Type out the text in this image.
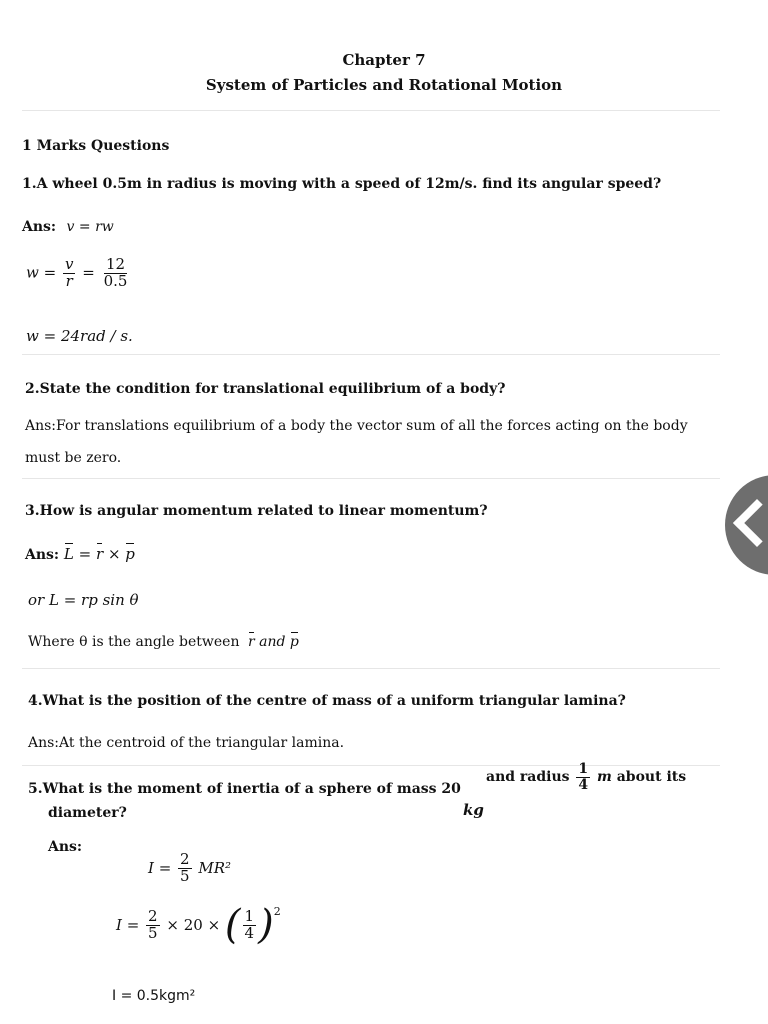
Chapter 7
System of Particles and Rotational Motion
1 Marks Questions
1.A wheel 0.5m in radius is moving with a speed of 12m/s. find its angular speed?
Ans: v = rw
$w = \frac{v}{r} = \frac{12}{0.5}$
w = 24rad / s.
2.State the condition for translational equilibrium of a body?
Ans:For translations equilibrium of a body the vector sum of all the forces acting on the body
must be zero.
3.How is angular momentum related to linear momentum?
Ans: L = r × p
or L = rp sin θ
Where θ is the angle between r and p
4.What is the position of the centre of mass of a uniform triangular lamina?
Ans:At the centroid of the triangular lamina.
5.What is the moment of inertia of a sphere of mass 20
kg
and radius $\frac{1}{4}$ m about its
diameter?
Ans:
$I = \frac{2}{5} MR^2$
$I = \frac{2}{5} \times 20$ × ( $\frac{1}{4} )^2$
I = 0.5kgm²
